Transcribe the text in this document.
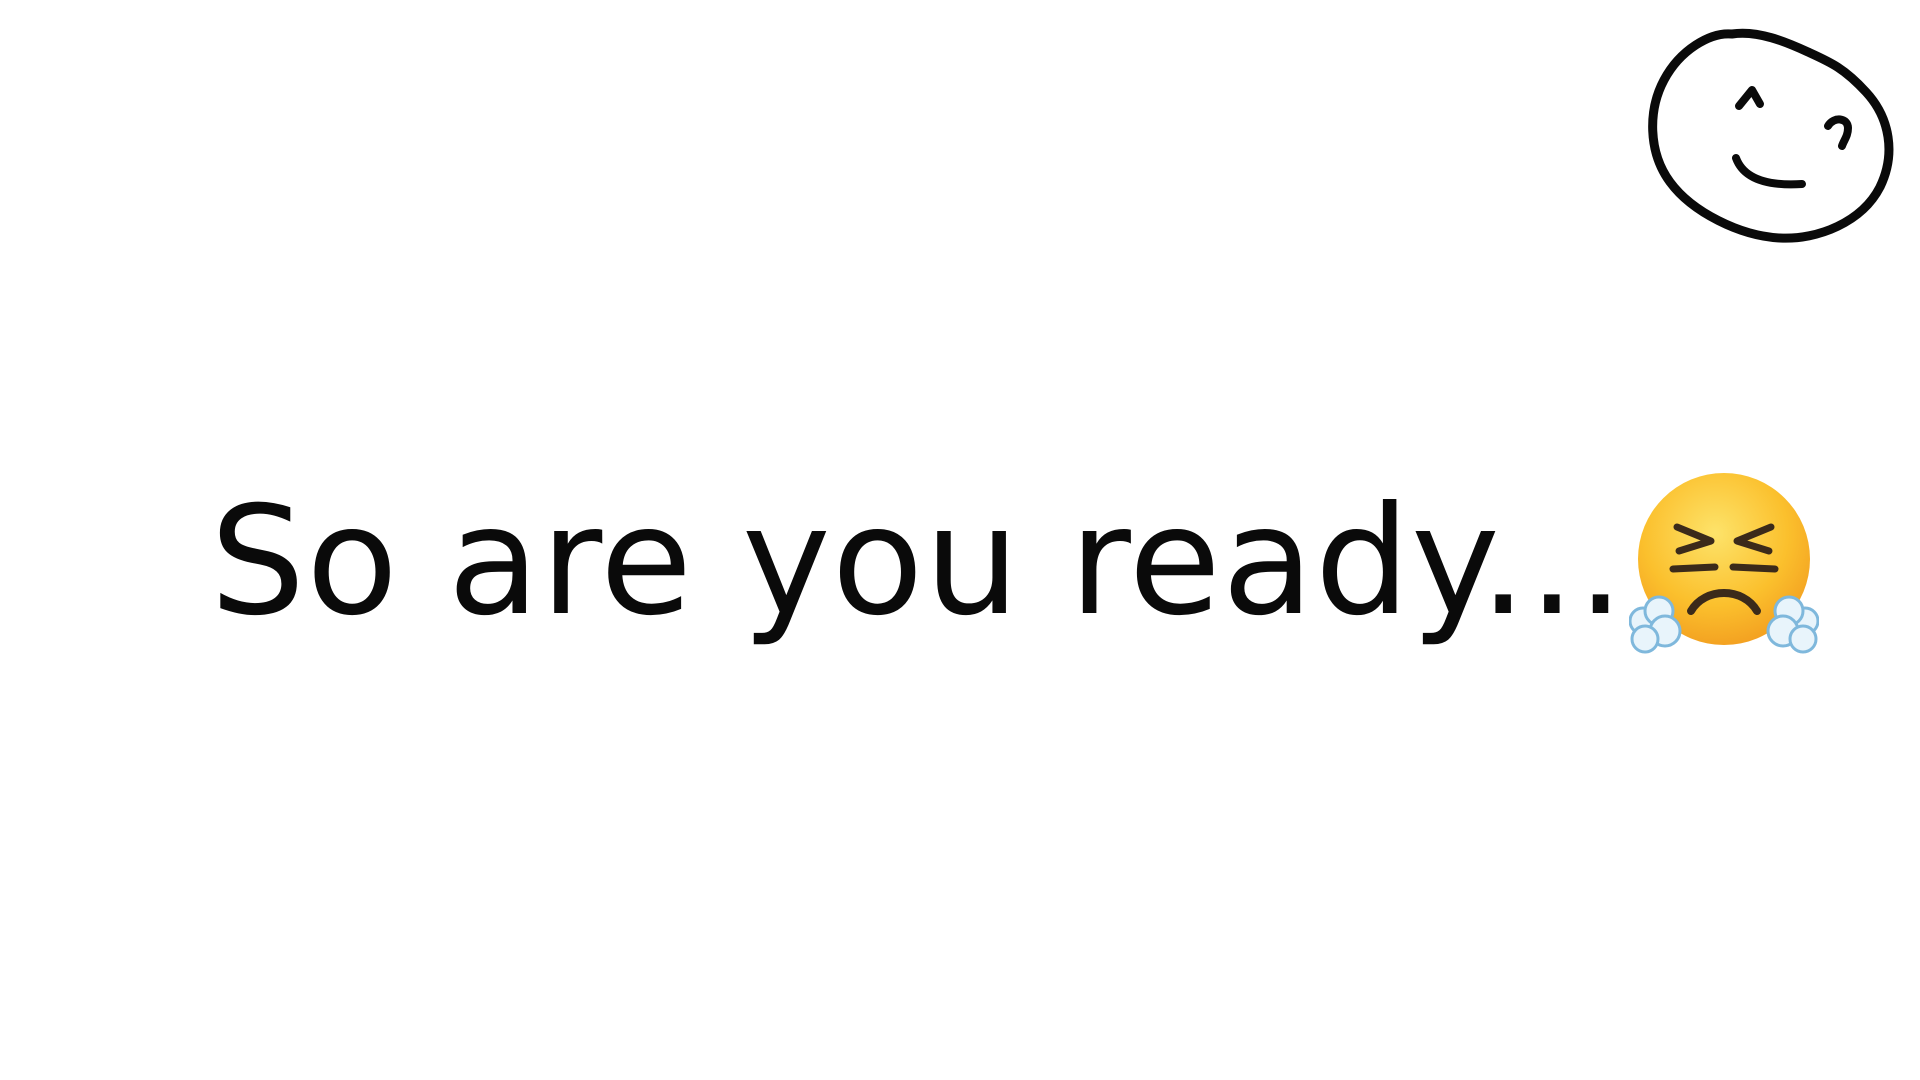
So are you ready...
